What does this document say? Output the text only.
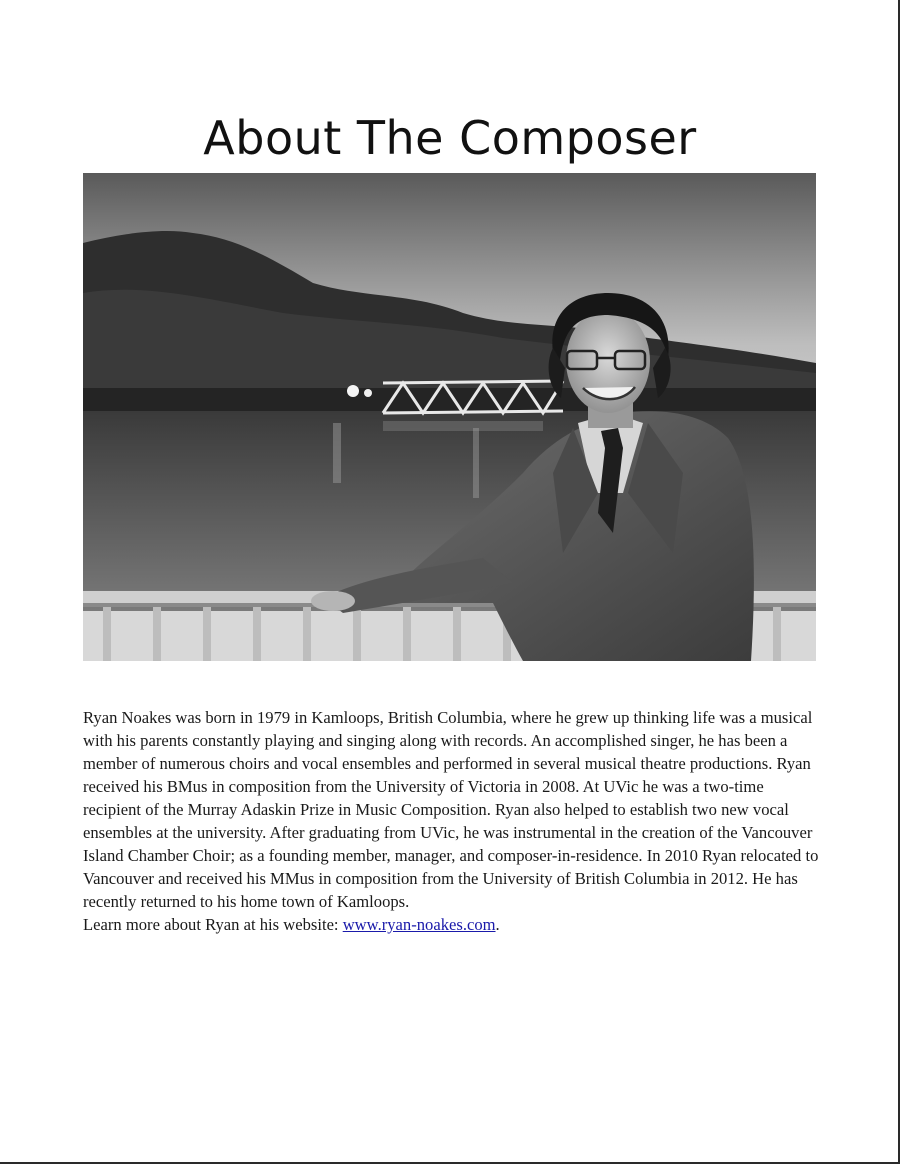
About The Composer

Ryan Noakes was born in 1979 in Kamloops, British Columbia, where he grew up thinking life was a musical with his parents constantly playing and singing along with records. An accomplished singer, he has been a member of numerous choirs and vocal ensembles and performed in several musical theatre productions. Ryan received his BMus in composition from the University of Victoria in 2008. At UVic he was a two-time recipient of the Murray Adaskin Prize in Music Composition. Ryan also helped to establish two new vocal ensembles at the university. After graduating from UVic, he was instrumental in the creation of the Vancouver Island Chamber Choir; as a founding member, manager, and composer-in-residence. In 2010 Ryan relocated to Vancouver and received his MMus in composition from the University of British Columbia in 2012. He has recently returned to his home town of Kamloops.

Learn more about Ryan at his website: www.ryan-noakes.com.
